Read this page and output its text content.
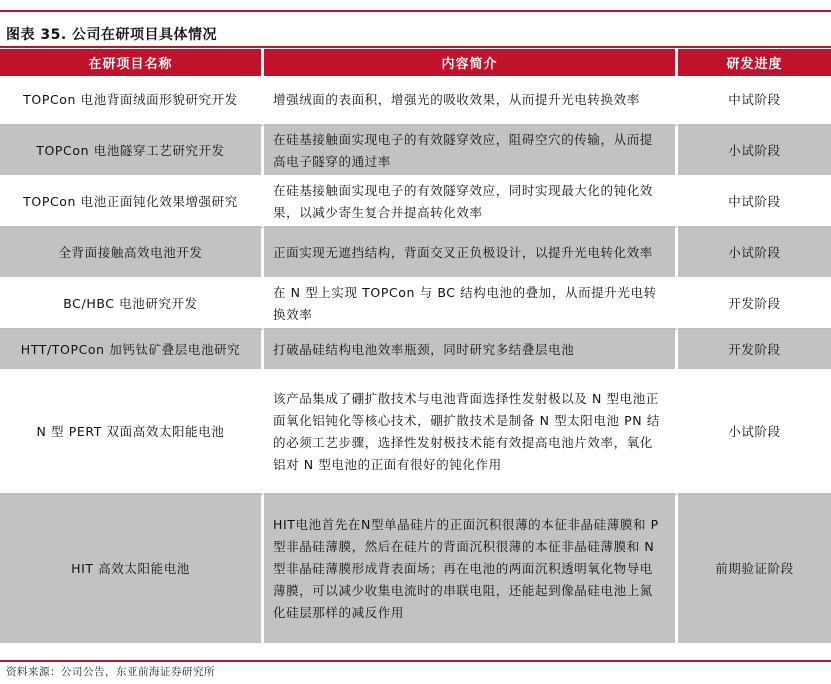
图表 35. 公司在研项目具体情况
在研项目名称	内容简介	研发进度
TOPCon 电池背面绒面形貌研究开发	增强绒面的表面积，增强光的吸收效果，从而提升光电转换效率	中试阶段
TOPCon 电池隧穿工艺研究开发	在硅基接触面实现电子的有效隧穿效应，阻碍空穴的传输，从而提高电子隧穿的通过率	小试阶段
TOPCon 电池正面钝化效果增强研究	在硅基接触面实现电子的有效隧穿效应，同时实现最大化的钝化效果，以减少寄生复合并提高转化效率	中试阶段
全背面接触高效电池开发	正面实现无遮挡结构，背面交叉正负极设计，以提升光电转化效率	小试阶段
BC/HBC 电池研究开发	在 N 型上实现 TOPCon 与 BC 结构电池的叠加，从而提升光电转换效率	开发阶段
HTT/TOPCon 加钙钛矿叠层电池研究	打破晶硅结构电池效率瓶颈，同时研究多结叠层电池	开发阶段
N 型 PERT 双面高效太阳能电池	该产品集成了硼扩散技术与电池背面选择性发射极以及 N 型电池正面氧化铝钝化等核心技术，硼扩散技术是制备 N 型太阳电池 PN 结的必须工艺步骤，选择性发射极技术能有效提高电池片效率，氧化铝对 N 型电池的正面有很好的钝化作用	小试阶段
HIT 高效太阳能电池	HIT电池首先在N型单晶硅片的正面沉积很薄的本征非晶硅薄膜和 P 型非晶硅薄膜，然后在硅片的背面沉积很薄的本征非晶硅薄膜和 N 型非晶硅薄膜形成背表面场；再在电池的两面沉积透明氧化物导电薄膜，可以减少收集电流时的串联电阻，还能起到像晶硅电池上氮化硅层那样的减反作用	前期验证阶段
资料来源：公司公告，东亚前海证券研究所
